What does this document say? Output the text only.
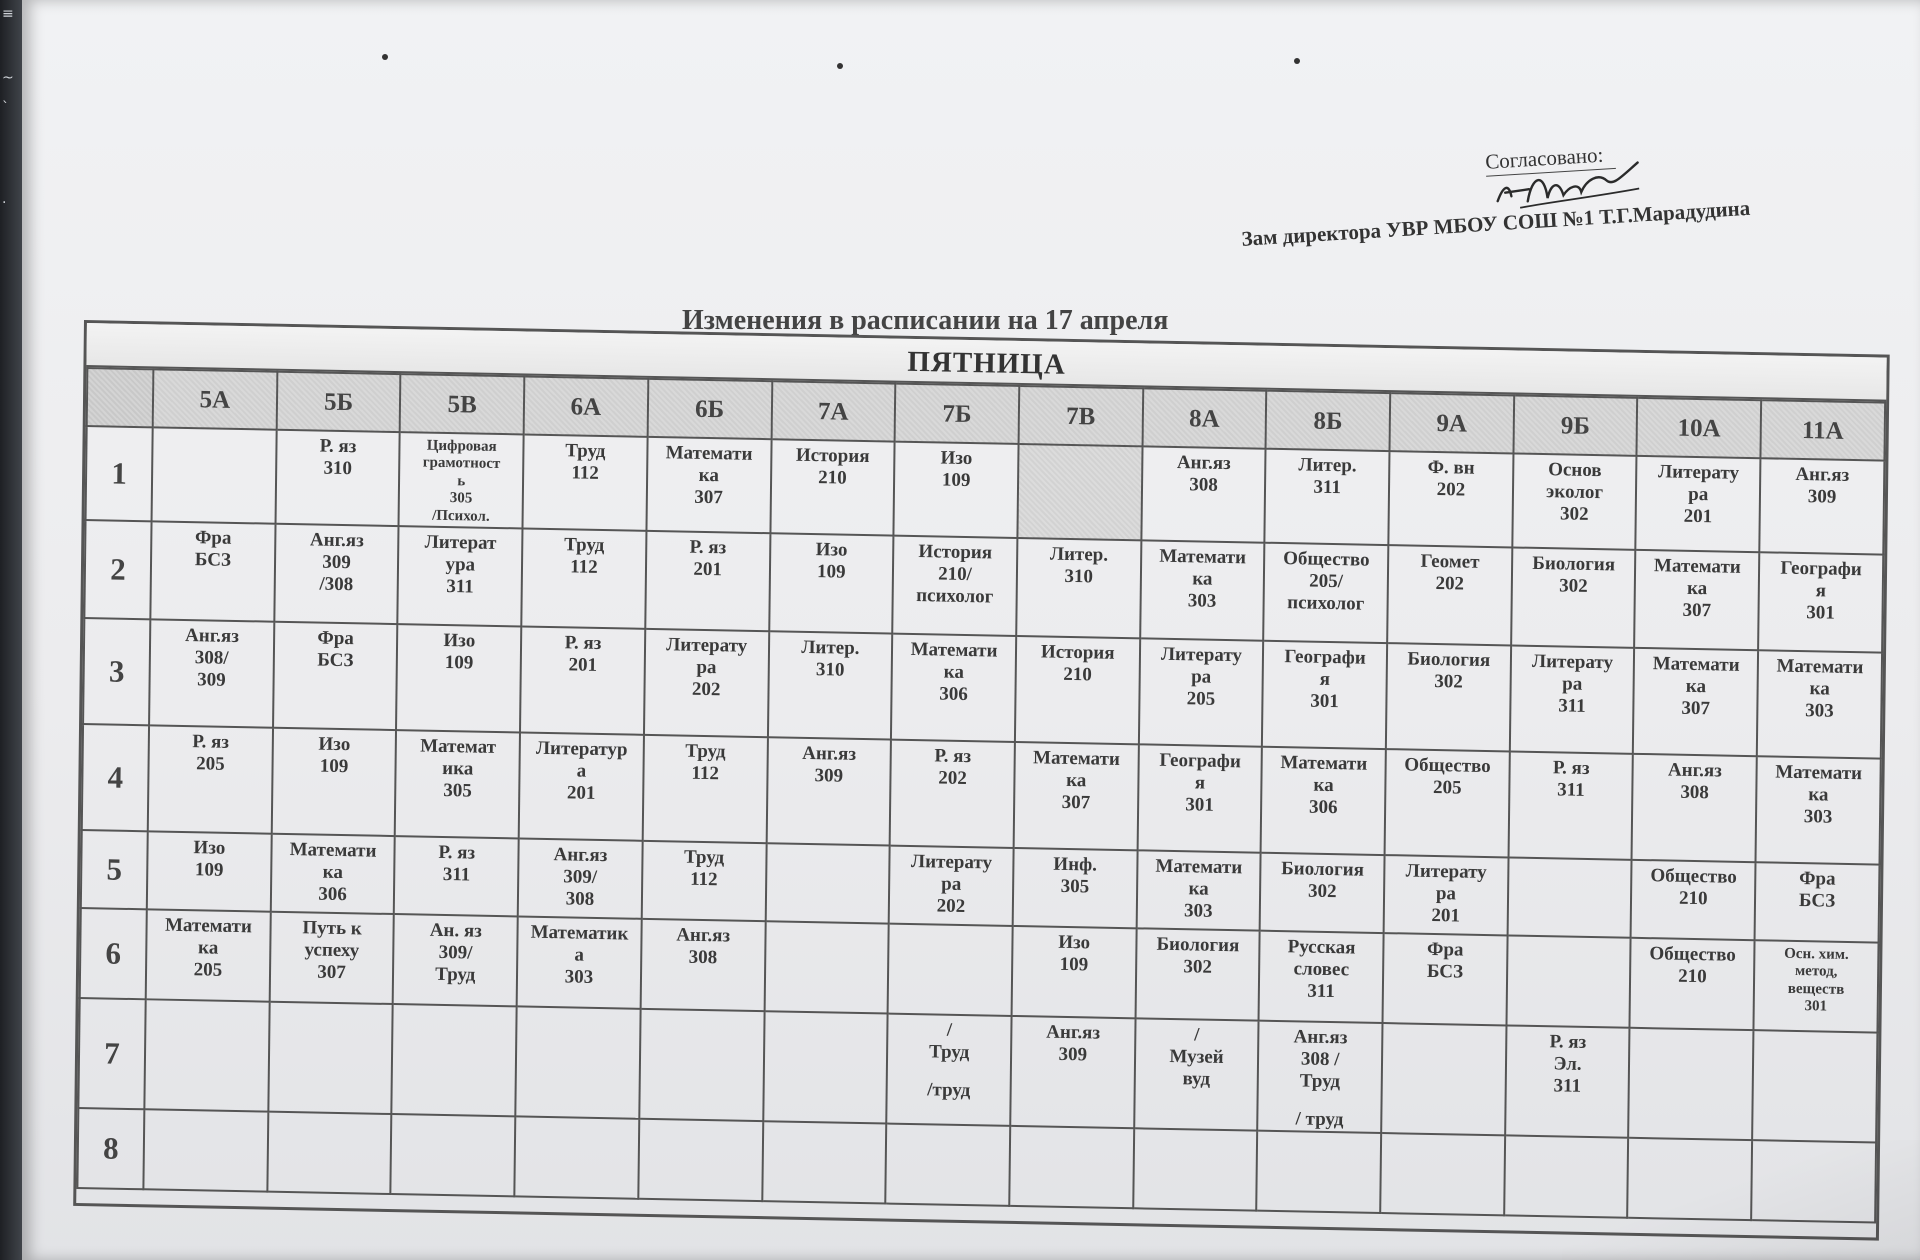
≡
~
`
·
Согласовано:
Зам директора УВР МБОУ СОШ №1 Т.Г.Марадудина
Изменения в расписании на 17 апреля
ПЯТНИЦА
	5А	5Б	5В	6А	6Б	7А	7Б	7В	8А	8Б	9А	9Б	10А	11А
1		Р. яз
310	Цифровая
грамотност
ь
305
/Психол.	Труд
112	Математи
ка
307	История
210	Изо
109		Анг.яз
308	Литер.
311	Ф. вн
202	Основ
эколог
302	Литерату
ра
201	Анг.яз
309

2	Фра
БСЗ	Анг.яз
309
/308	Литерат
ура
311	Труд
112	Р. яз
201	Изо
109	История
210/
психолог	Литер.
310	Математи
ка
303	Общество
205/
психолог	Геомет
202	Биология
302	Математи
ка
307	Географи
я
301

3	Анг.яз
308/
309	Фра
БСЗ	Изо
109	Р. яз
201	Литерату
ра
202	Литер.
310	Математи
ка
306	История
210	Литерату
ра
205	Географи
я
301	Биология
302	Литерату
ра
311	Математи
ка
307	Математи
ка
303

4	Р. яз
205	Изо
109	Математ
ика
305	Литератур
а
201	Труд
112	Анг.яз
309	Р. яз
202	Математи
ка
307	Географи
я
301	Математи
ка
306	Общество
205	Р. яз
311	Анг.яз
308	Математи
ка
303

5	Изо
109	Математи
ка
306	Р. яз
311	Анг.яз
309/
308	Труд
112		Литерату
ра
202	Инф.
305	Математи
ка
303	Биология
302	Литерату
ра
201		Общество
210	Фра
БСЗ

6	Математи
ка
205	Путь к
успеху
307	Ан. яз
309/
Труд	Математик
а
303	Анг.яз
308			Изо
109	Биология
302	Русская
словес
311	Фра
БСЗ		Общество
210	Осн. хим.
метод,
веществ
301

7							/
Труд
/труд	Анг.яз
309	/
Музей
вуд	Анг.яз
308 /
Труд
/ труд		Р. яз
Эл.
311		

8														
